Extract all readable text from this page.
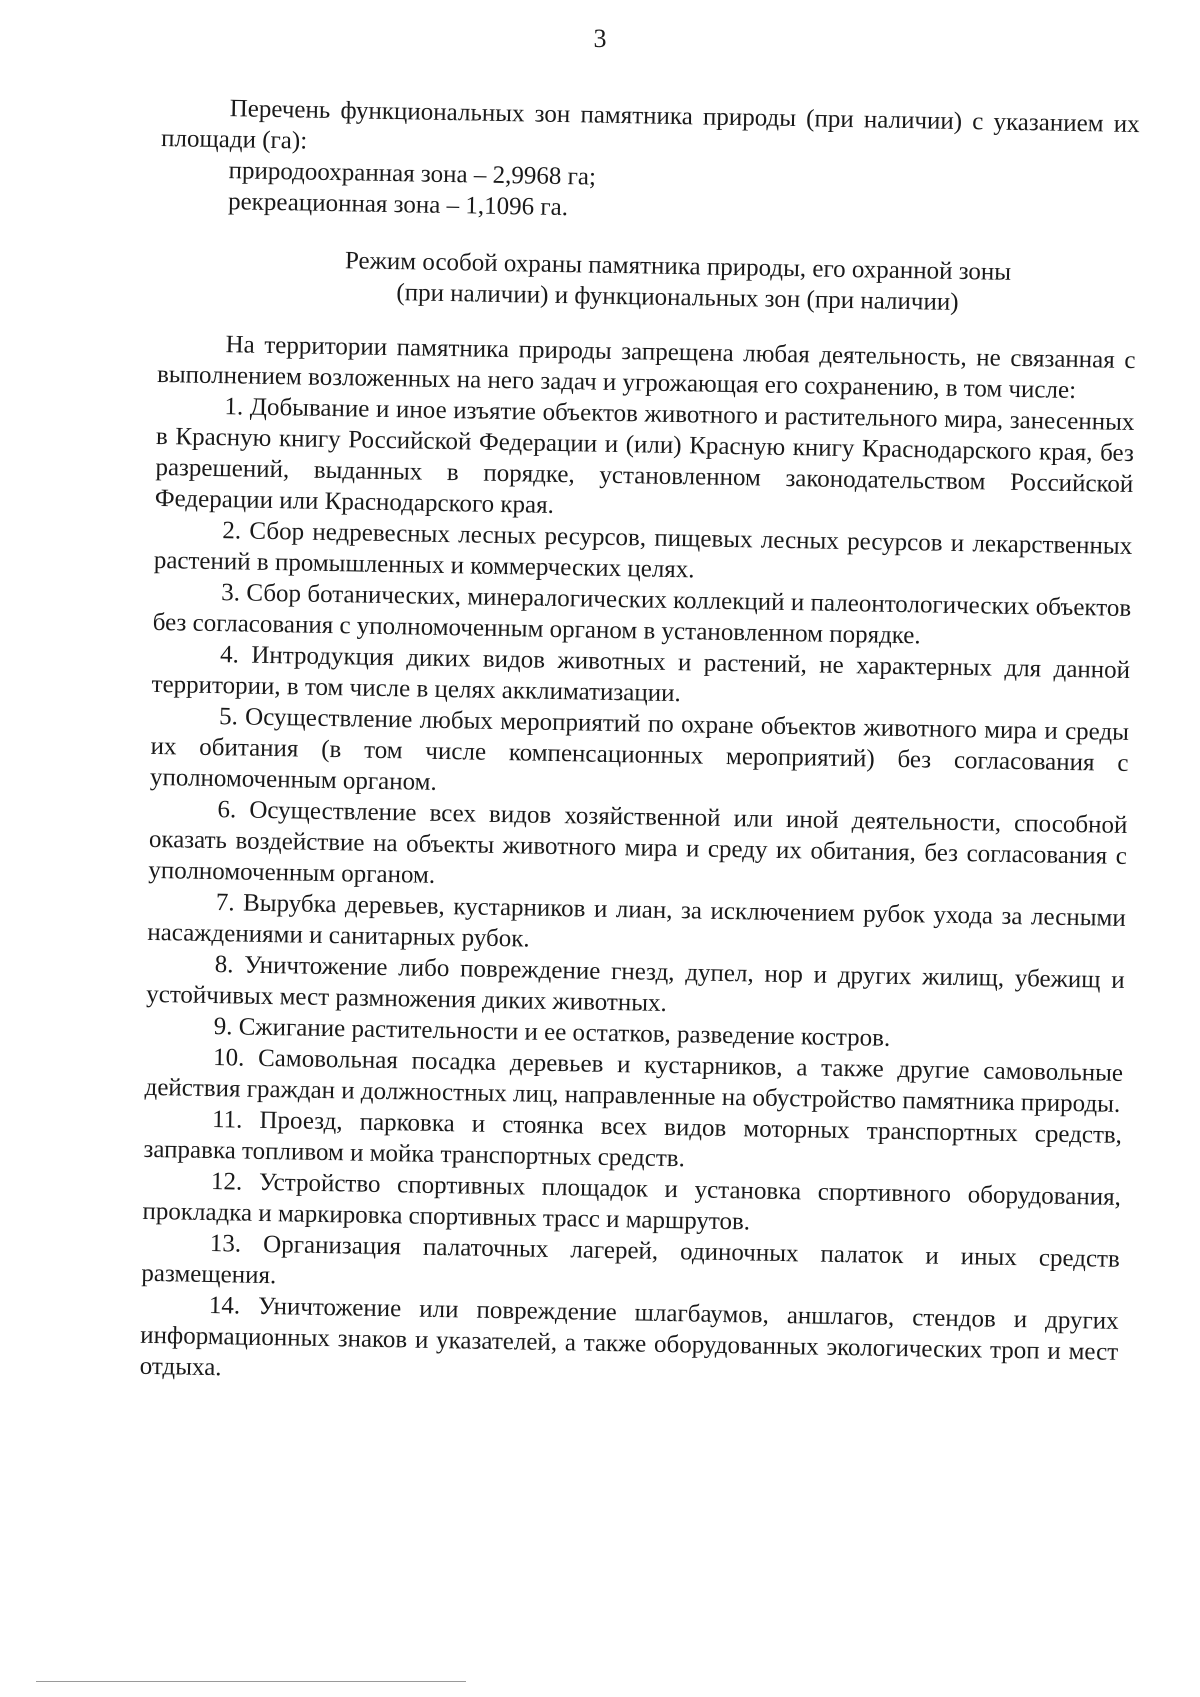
3

Перечень функциональных зон памятника природы (при наличии) с указанием их площади (га):

природоохранная зона – 2,9968 га;

рекреационная зона – 1,1096 га.

Режим особой охраны памятника природы, его охранной зоны

(при наличии) и функциональных зон (при наличии)

На территории памятника природы запрещена любая деятельность, не связанная с выполнением возложенных на него задач и угрожающая его сохранению, в том числе:

1. Добывание и иное изъятие объектов животного и растительного мира, занесенных в Красную книгу Российской Федерации и (или) Красную книгу Краснодарского края, без разрешений, выданных в порядке, установленном законодательством Российской Федерации или Краснодарского края.

2. Сбор недревесных лесных ресурсов, пищевых лесных ресурсов и лекарственных растений в промышленных и коммерческих целях.

3. Сбор ботанических, минералогических коллекций и палеонтологических объектов без согласования с уполномоченным органом в установленном порядке.

4. Интродукция диких видов животных и растений, не характерных для данной территории, в том числе в целях акклиматизации.

5. Осуществление любых мероприятий по охране объектов животного мира и среды их обитания (в том числе компенсационных мероприятий) без согласования с уполномоченным органом.

6. Осуществление всех видов хозяйственной или иной деятельности, способной оказать воздействие на объекты животного мира и среду их обитания, без согласования с уполномоченным органом.

7. Вырубка деревьев, кустарников и лиан, за исключением рубок ухода за лесными насаждениями и санитарных рубок.

8. Уничтожение либо повреждение гнезд, дупел, нор и других жилищ, убежищ и устойчивых мест размножения диких животных.

9. Сжигание растительности и ее остатков, разведение костров.

10. Самовольная посадка деревьев и кустарников, а также другие самовольные действия граждан и должностных лиц, направленные на обустройство памятника природы.

11. Проезд, парковка и стоянка всех видов моторных транспортных средств, заправка топливом и мойка транспортных средств.

12. Устройство спортивных площадок и установка спортивного оборудования, прокладка и маркировка спортивных трасс и маршрутов.

13. Организация палаточных лагерей, одиночных палаток и иных средств размещения.

14. Уничтожение или повреждение шлагбаумов, аншлагов, стендов и других информационных знаков и указателей, а также оборудованных экологических троп и мест отдыха.
